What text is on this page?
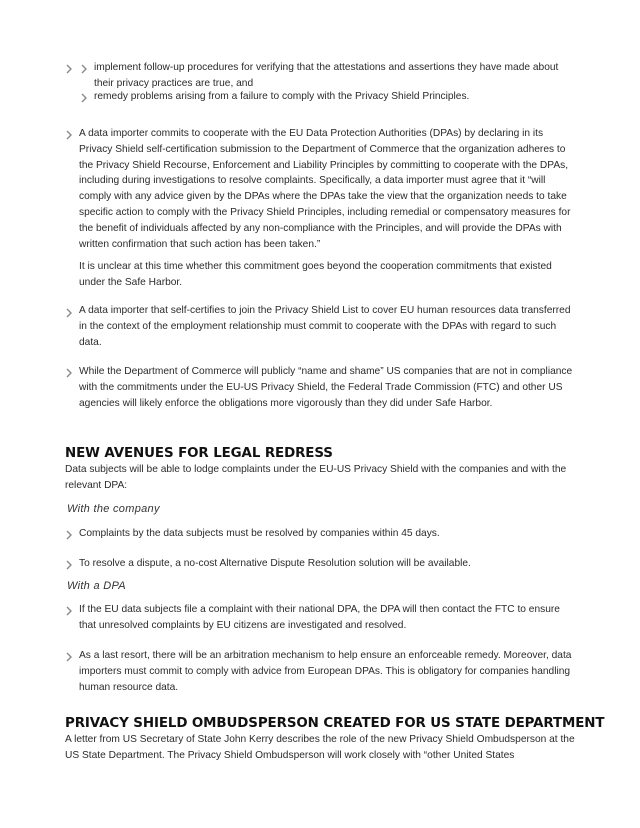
implement follow-up procedures for verifying that the attestations and assertions they have made about their privacy practices are true, and

remedy problems arising from a failure to comply with the Privacy Shield Principles.

A data importer commits to cooperate with the EU Data Protection Authorities (DPAs) by declaring in its Privacy Shield self-certification submission to the Department of Commerce that the organization adheres to the Privacy Shield Recourse, Enforcement and Liability Principles by committing to cooperate with the DPAs, including during investigations to resolve complaints. Specifically, a data importer must agree that it “will comply with any advice given by the DPAs where the DPAs take the view that the organization needs to take specific action to comply with the Privacy Shield Principles, including remedial or compensatory measures for the benefit of individuals affected by any non-compliance with the Principles, and will provide the DPAs with written confirmation that such action has been taken.”

It is unclear at this time whether this commitment goes beyond the cooperation commitments that existed under the Safe Harbor.

A data importer that self-certifies to join the Privacy Shield List to cover EU human resources data transferred in the context of the employment relationship must commit to cooperate with the DPAs with regard to such data.

While the Department of Commerce will publicly “name and shame” US companies that are not in compliance with the commitments under the EU-US Privacy Shield, the Federal Trade Commission (FTC) and other US agencies will likely enforce the obligations more vigorously than they did under Safe Harbor.

NEW AVENUES FOR LEGAL REDRESS

Data subjects will be able to lodge complaints under the EU-US Privacy Shield with the companies and with the relevant DPA:

With the company

Complaints by the data subjects must be resolved by companies within 45 days.

To resolve a dispute, a no-cost Alternative Dispute Resolution solution will be available.

With a DPA

If the EU data subjects file a complaint with their national DPA, the DPA will then contact the FTC to ensure that unresolved complaints by EU citizens are investigated and resolved.

As a last resort, there will be an arbitration mechanism to help ensure an enforceable remedy. Moreover, data importers must commit to comply with advice from European DPAs. This is obligatory for companies handling human resource data.

PRIVACY SHIELD OMBUDSPERSON CREATED FOR US STATE DEPARTMENT

A letter from US Secretary of State John Kerry describes the role of the new Privacy Shield Ombudsperson at the US State Department. The Privacy Shield Ombudsperson will work closely with “other United States
